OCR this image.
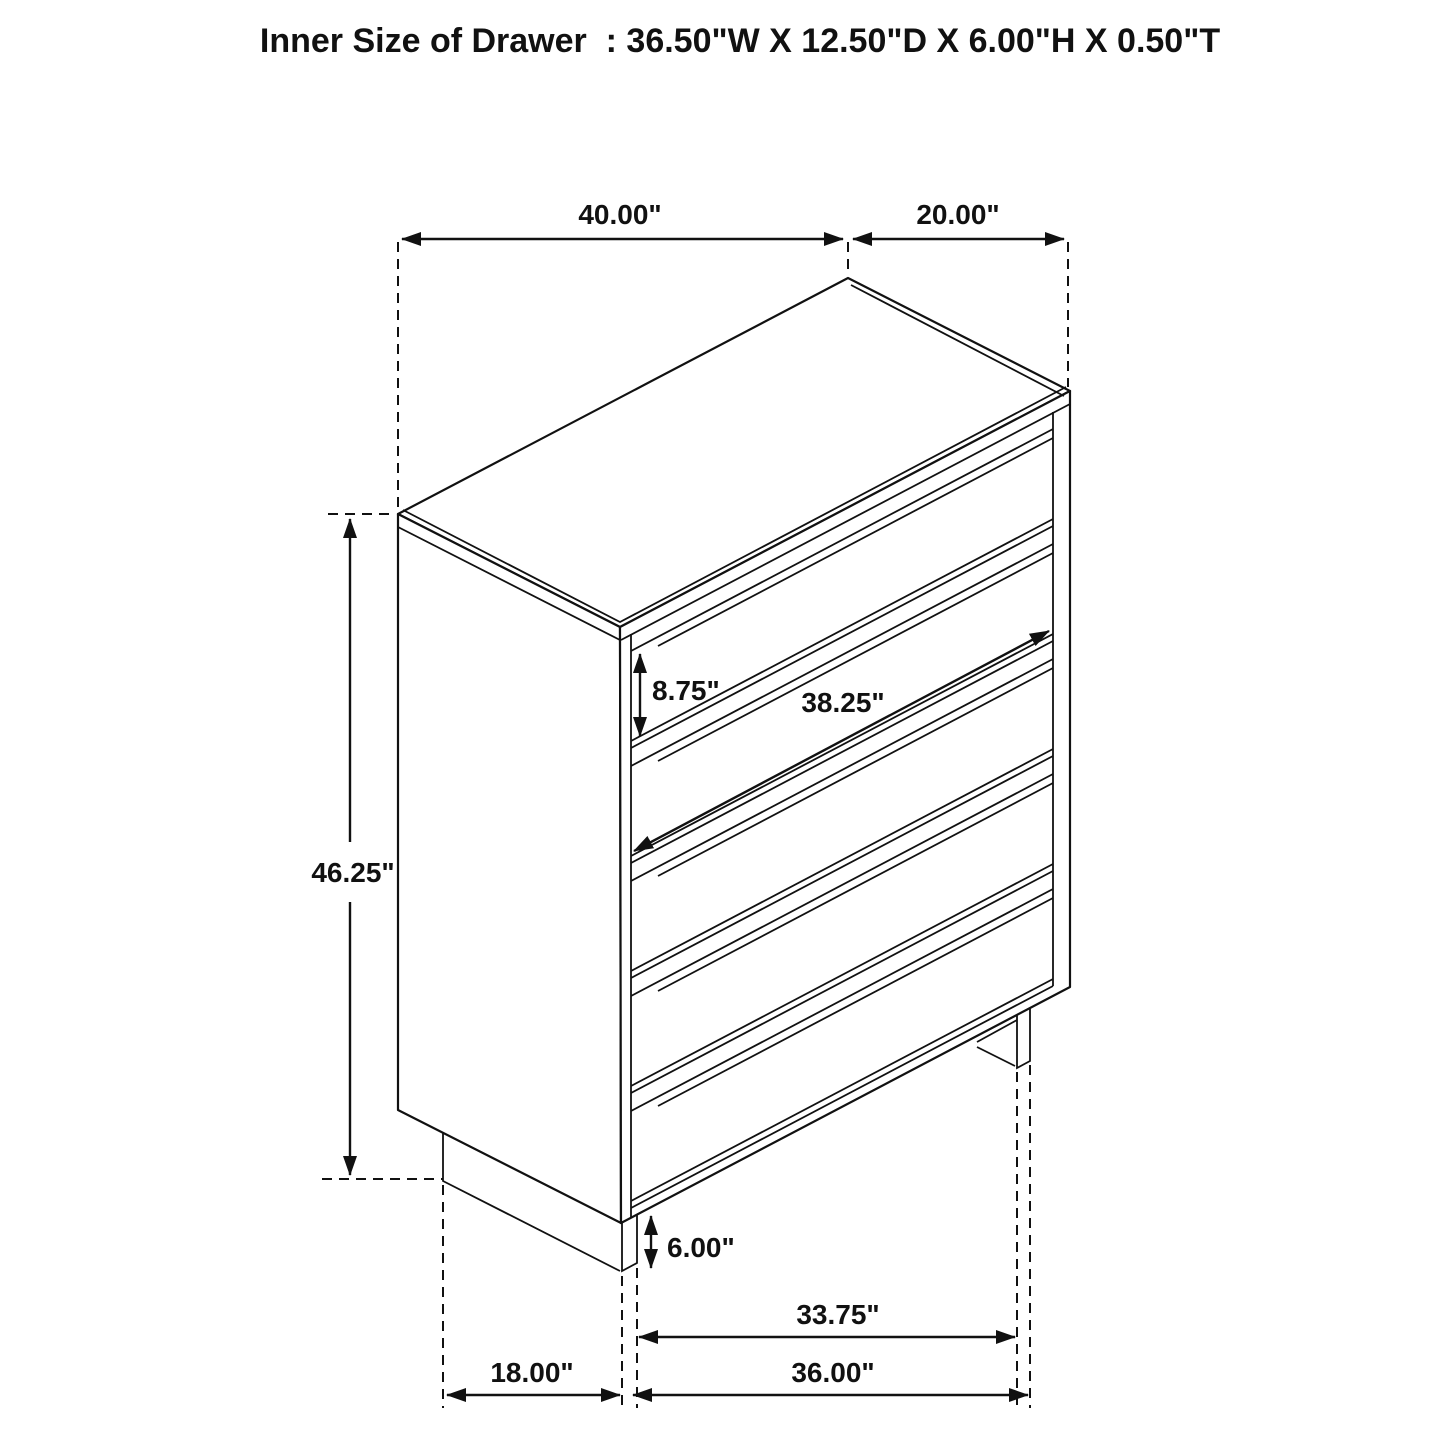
Inner Size of Drawer  : 36.50"W X 12.50"D X 6.00"H X 0.50"T
40.00"	20.00"
46.25"
8.75"	38.25"
6.00"
33.75"
18.00"	36.00"
